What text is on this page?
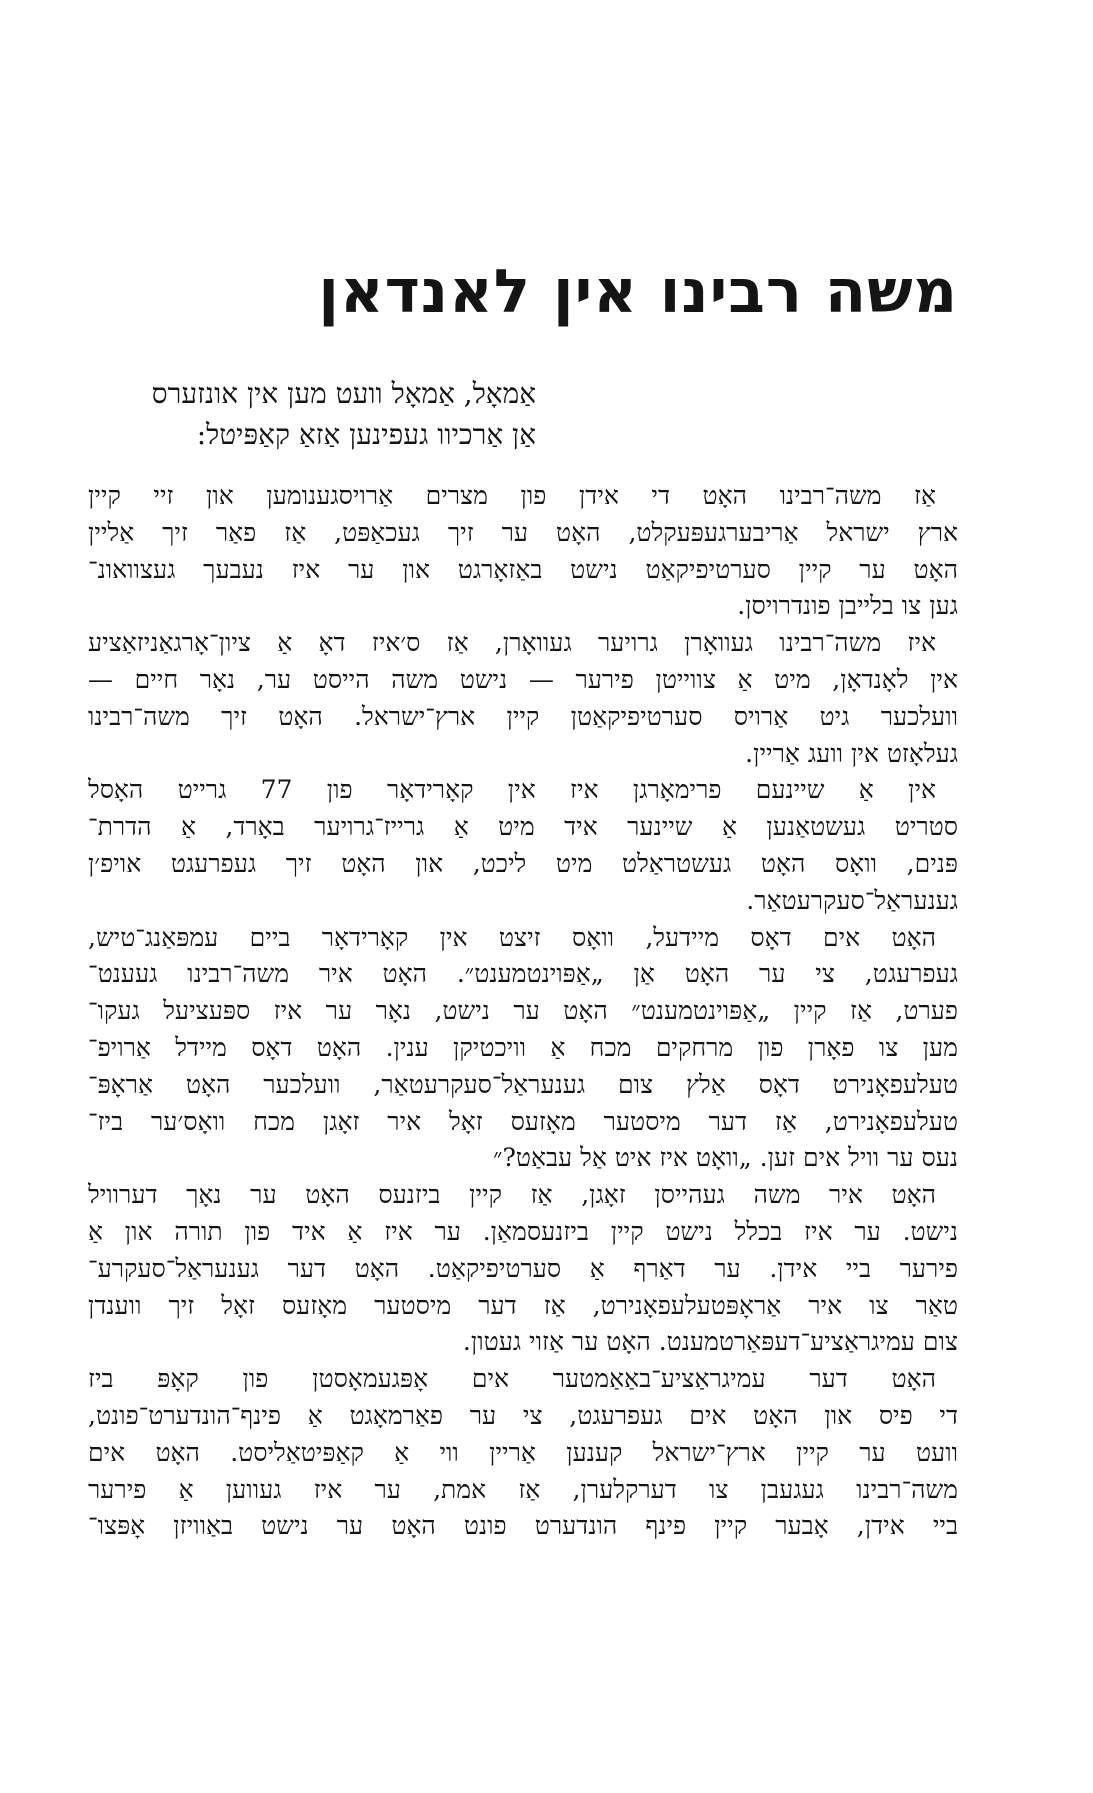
משה רבינו אין לאנדאן
אַמאָל, אַמאָל וועט מען אין אונזערס
אַן אַרכיוו געפינען אַזאַ קאַפּיטל:
אַז משה־רבינו האָט די אידן פון מצרים אַרויסגענומען און זיי קיין
ארץ ישראל אַריבערגעפּעקלט, האָט ער זיך געכאַפּט, אַז פאַר זיך אַליין
האָט ער קיין סערטיפיקאַט נישט באַזאָרגט און ער איז נעבעך געצוואונ־
גען צו בלייבן פונדרויסן.
איז משה־רבינו געוואָרן גרויער געוואָרן, אַז ס׳איז דאָ אַ ציון־אָרגאַניזאַציע
אין לאָנדאָן, מיט אַ צווייטן פירער — נישט משה הייסט ער, נאָר חיים —
וועלכער גיט אַרויס סערטיפיקאַטן קיין ארץ־ישראל. האָט זיך משה־רבינו
געלאָזט אין וועג אַריין.
אין אַ שיינעם פרימאָרגן איז אין קאָרידאָר פון 77 גרייט האָסל
סטריט געשטאַנען אַ שיינער איד מיט אַ גרייז־גרויער באָרד, אַ הדרת־
פּנים, וואָס האָט געשטראַלט מיט ליכט, און האָט זיך געפרעגט אויפ׳ן
גענעראַל־סעקרעטאַר.
האָט אים דאָס מיידעל, וואָס זיצט אין קאָרידאָר ביים עמפּאַנג־טיש,
געפרעגט, צי ער האָט אַן „אַפּוינטמענט״. האָט איר משה־רבינו געענט־
פערט, אַז קיין „אַפּוינטמענט״ האָט ער נישט, נאָר ער איז ספּעציעל געקו־
מען צו פאָרן פון מרחקים מכח אַ וויכטיקן ענין. האָט דאָס מיידל אַרויפ־
טעלעפאָנירט דאָס אַלץ צום גענעראַל־סעקרעטאַר, וועלכער האָט אַראָפּ־
טעלעפאָנירט, אַז דער מיסטער מאָזעס זאָל איר זאָגן מכח וואָס׳ער ביז־
נעס ער וויל אים זען. „וואָט איז איט אַל עבאַט?״
האָט איר משה געהייסן זאָגן, אַז קיין ביזנעס האָט ער נאָך דערוויל
נישט. ער איז בכלל נישט קיין ביזנעסמאַן. ער איז אַ איד פון תורה און אַ
פירער ביי אידן. ער דאַרף אַ סערטיפיקאַט. האָט דער גענעראַל־סעקרע־
טאַר צו איר אַראָפּטעלעפאָנירט, אַז דער מיסטער מאָזעס זאָל זיך ווענדן
צום עמיגראַציע־דעפּאַרטמענט. האָט ער אַזוי געטון.
האָט דער עמיגראַציע־באַאַמטער אים אָפּגעמאָסטן פון קאָפּ ביז
די פיס און האָט אים געפרעגט, צי ער פאַרמאָגט אַ פינף־הונדערט־פונט,
וועט ער קיין ארץ־ישראל קענען אַריין ווי אַ קאַפּיטאַליסט. האָט אים
משה־רבינו געגעבן צו דערקלערן, אַז אמת, ער איז געווען אַ פירער
ביי אידן, אָבער קיין פינף הונדערט פונט האָט ער נישט באַוויזן אָפּצו־
